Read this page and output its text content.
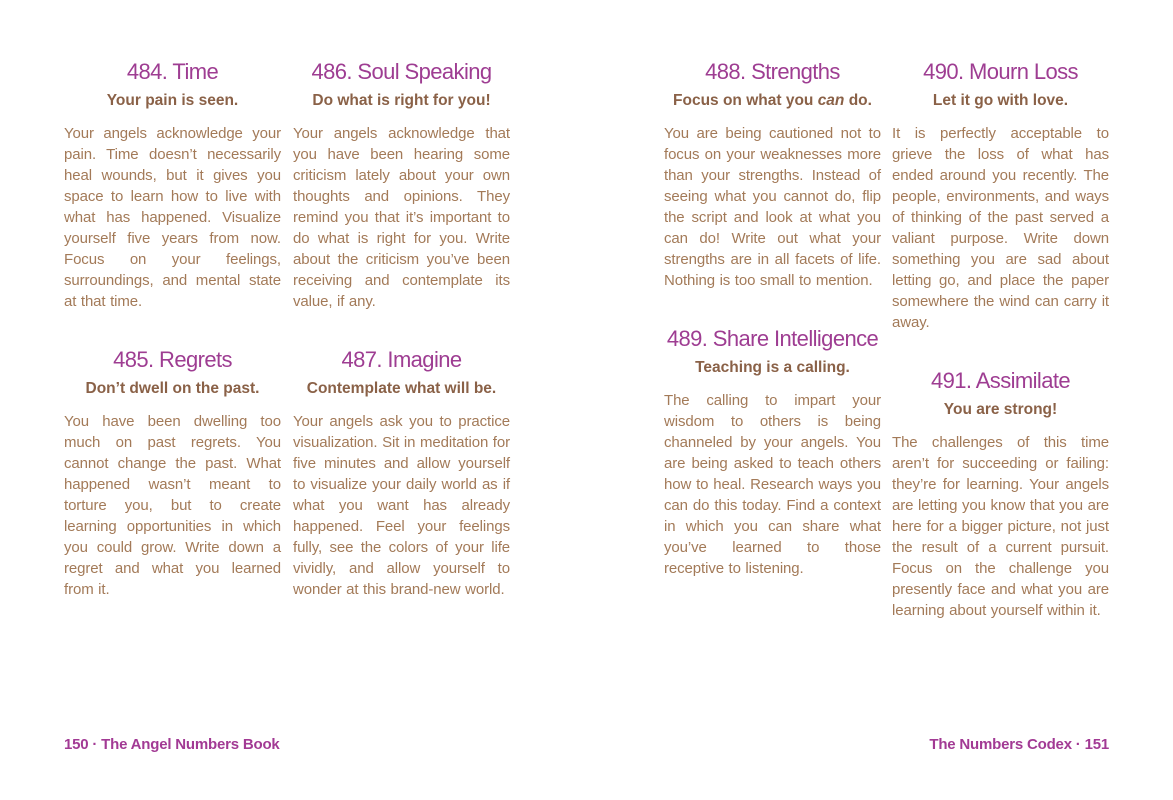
484. Time

Your pain is seen.

Your angels acknowledge your pain. Time doesn’t necessarily heal wounds, but it gives you space to learn how to live with what has happened. Visualize yourself five years from now. Focus on your feelings, surroundings, and mental state at that time.

485. Regrets

Don’t dwell on the past.

You have been dwelling too much on past regrets. You cannot change the past. What happened wasn’t meant to torture you, but to create learning opportunities in which you could grow. Write down a regret and what you learned from it.

486. Soul Speaking

Do what is right for you!

Your angels acknowledge that you have been hearing some criticism lately about your own thoughts and opinions. They remind you that it’s important to do what is right for you. Write about the criticism you’ve been receiving and contemplate its value, if any.

487. Imagine

Contemplate what will be.

Your angels ask you to practice visualization. Sit in meditation for five minutes and allow yourself to visualize your daily world as if what you want has already happened. Feel your feelings fully, see the colors of your life vividly, and allow yourself to wonder at this brand-new world.

150 · The Angel Numbers Book
488. Strengths

Focus on what you can do.

You are being cautioned not to focus on your weaknesses more than your strengths. Instead of seeing what you cannot do, flip the script and look at what you can do! Write out what your strengths are in all facets of life. Nothing is too small to mention.

489. Share Intelligence

Teaching is a calling.

The calling to impart your wisdom to others is being channeled by your angels. You are being asked to teach others how to heal. Research ways you can do this today. Find a context in which you can share what you’ve learned to those receptive to listening.

490. Mourn Loss

Let it go with love.

It is perfectly acceptable to grieve the loss of what has ended around you recently. The people, environments, and ways of thinking of the past served a valiant purpose. Write down something you are sad about letting go, and place the paper somewhere the wind can carry it away.

491. Assimilate

You are strong!

The challenges of this time aren’t for succeeding or failing: they’re for learning. Your angels are letting you know that you are here for a bigger picture, not just the result of a current pursuit. Focus on the challenge you presently face and what you are learning about yourself within it.

The Numbers Codex · 151
